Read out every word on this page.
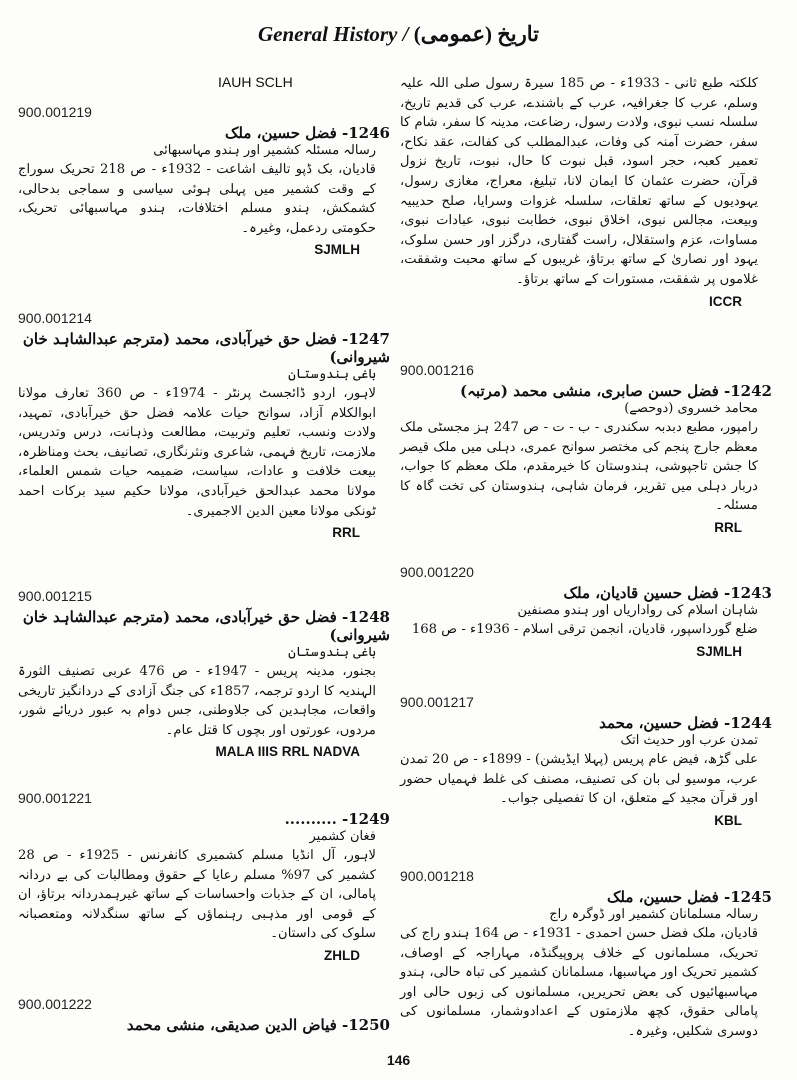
General History / تاریخ (عمومی)
IAUH SCLH
900.001219
1246- فضل حسین، ملک
رسالہ مسئلہ کشمیر اور ہندو مہاسبھائی
قادیان، بک ڈپو تالیف اشاعت - 1932ء - ص 218 تحریک سوراج کے وقت کشمیر میں پہلی ہوئی سیاسی و سماجی بدحالی، کشمکش، ہندو مسلم اختلافات، ہندو مہاسبھائی تحریک، حکومتی ردعمل، وغیرہ۔
SJMLH
900.001214
1247- فضل حق خیرآبادی، محمد (مترجم عبدالشاہد خان شیروانی)
باغی ہندوستان
لاہور، اردو ڈائجسٹ پرنٹر - 1974ء - ص 360 تعارف مولانا ابوالکلام آزاد، سوانح حیات علامہ فضل حق خیرآبادی، تمہید، ولادت ونسب، تعلیم وتربیت، مطالعت وذہانت، درس وتدریس، ملازمت، تاریخ فہمی، شاعری ونثرنگاری، تصانیف، بحث ومناظرہ، بیعت خلافت و عادات، سیاست، ضمیمہ حیات شمس العلماء، مولانا محمد عبدالحق خیرآبادی، مولانا حکیم سید برکات احمد ٹونکی مولانا معین الدین الاجمیری۔
RRL
900.001215
1248- فضل حق خیرآبادی، محمد (مترجم عبدالشاہد خان شیروانی)
باغی ہندوستان
بجنور، مدینہ پریس - 1947ء - ص 476 عربی تصنیف الثورۃ الہندیہ کا اردو ترجمہ، 1857ء کی جنگ آزادی کے دردانگیز تاریخی واقعات، مجاہدین کی جلاوطنی، جس دوام بہ عبور دریائے شور، مردوں، عورتوں اور بچوں کا قتل عام۔
MALA IIIS RRL NADVA
900.001221
1249- ..........
فغان کشمیر
لاہور، آل انڈیا مسلم کشمیری کانفرنس - 1925ء - ص 28 کشمیر کی 97% مسلم رعایا کے حقوق ومطالبات کی بے دردانہ پامالی، ان کے جذبات واحساسات کے ساتھ غیرہمدردانہ برتاؤ، ان کے قومی اور مذہبی رہنماؤں کے ساتھ سنگدلانہ ومتعصبانہ سلوک کی داستان۔
ZHLD
900.001222
1250- فیاض الدین صدیقی، منشی محمد
کلکتہ طبع ثانی - 1933ء - ص 185 سیرۃ رسول صلی اللہ علیہ وسلم، عرب کا جغرافیہ، عرب کے باشندے، عرب کی قدیم تاریخ، سلسلہ نسب نبوی، ولادت رسول، رضاعت، مدینہ کا سفر، شام کا سفر، حضرت آمنہ کی وفات، عبدالمطلب کی کفالت، عقد نکاح، تعمیر کعبہ، حجر اسود، قبل نبوت کا حال، نبوت، تاریخ نزول قرآن، حضرت عثمان کا ایمان لانا، تبلیغ، معراج، مغازی رسول، یہودیوں کے ساتھ تعلقات، سلسلہ غزوات وسرایا، صلح حدیبیہ وبیعت، مجالس نبوی، اخلاق نبوی، خطابت نبوی، عبادات نبوی، مساوات، عزم واستقلال، راست گفتاری، درگزر اور حسن سلوک، یہود اور نصاریٰ کے ساتھ برتاؤ، غریبوں کے ساتھ محبت وشفقت، غلاموں پر شفقت، مستورات کے ساتھ برتاؤ۔
ICCR
900.001216
1242- فضل حسن صابری، منشی محمد (مرتبہ)
محامد خسروی (دوحصے)
رامپور، مطبع دبدبہ سکندری - ب - ت - ص 247 ہز مجسٹی ملک معظم جارج پنجم کی مختصر سوانح عمری، دہلی میں ملک قیصر کا جشن تاجپوشی، ہندوستان کا خیرمقدم، ملک معظم کا جواب، دربار دہلی میں تقریر، فرمان شاہی، ہندوستان کی تخت گاہ کا مسئلہ۔
RRL
900.001220
1243- فضل حسین قادیان، ملک
شاہان اسلام کی رواداریاں اور ہندو مصنفین
ضلع گورداسپور، قادیان، انجمن ترقی اسلام - 1936ء - ص 168
SJMLH
900.001217
1244- فضل حسین، محمد
تمدن عرب اور حدیث اتک
علی گڑھ، فیض عام پریس (پہلا ایڈیشن) - 1899ء - ص 20 تمدن عرب، موسیو لی بان کی تصنیف، مصنف کی غلط فہمیاں حضور اور قرآن مجید کے متعلق، ان کا تفصیلی جواب۔
KBL
900.001218
1245- فضل حسین، ملک
رسالہ مسلمانان کشمیر اور ڈوگرہ راج
قادیان، ملک فضل حسن احمدی - 1931ء - ص 164 ہندو راج کی تحریک، مسلمانوں کے خلاف پروپیگنڈہ، مہاراجہ کے اوصاف، کشمیر تحریک اور مہاسبھا، مسلمانان کشمیر کی تباہ حالی، ہندو مہاسبھائیوں کی بعض تحریریں، مسلمانوں کی زبوں حالی اور پامالی حقوق، کچھ ملازمتوں کے اعدادوشمار، مسلمانوں کی دوسری شکلیں، وغیرہ۔
146
